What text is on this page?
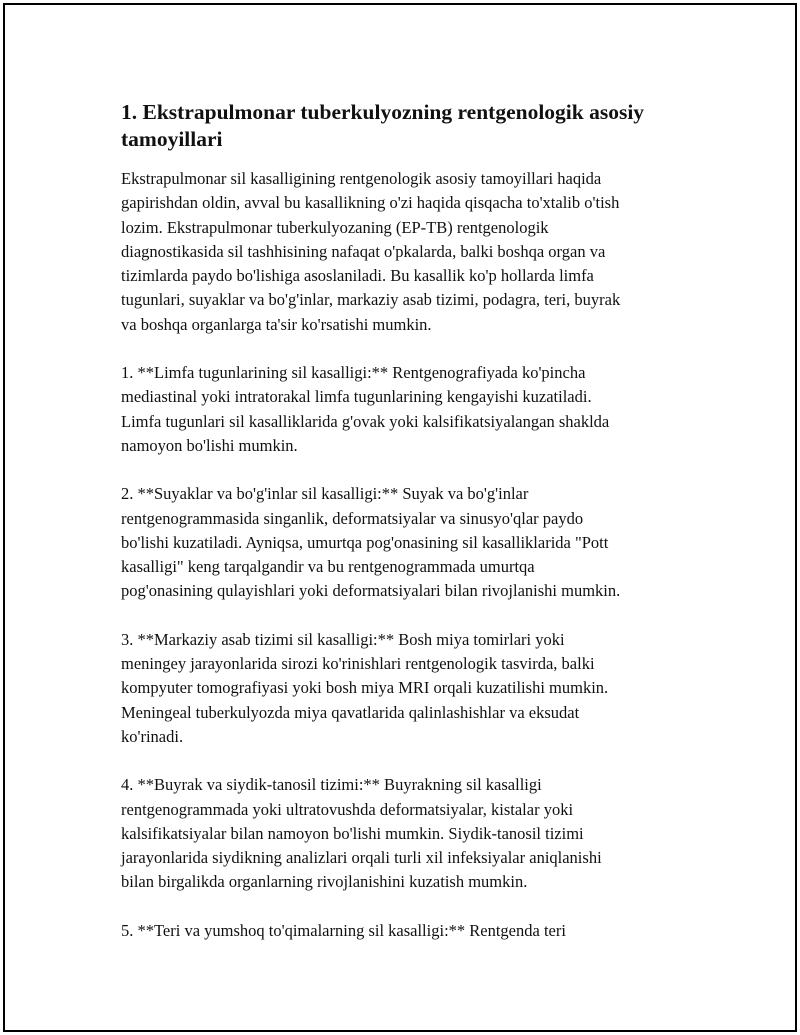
1. Ekstrapulmonar tuberkulyozning rentgenologik asosiy tamoyillari

Ekstrapulmonar sil kasalligining rentgenologik asosiy tamoyillari haqida
gapirishdan oldin, avval bu kasallikning o'zi haqida qisqacha to'xtalib o'tish
lozim. Ekstrapulmonar tuberkulyozaning (EP-TB) rentgenologik
diagnostikasida sil tashhisining nafaqat o'pkalarda, balki boshqa organ va
tizimlarda paydo bo'lishiga asoslaniladi. Bu kasallik ko'p hollarda limfa
tugunlari, suyaklar va bo'g'inlar, markaziy asab tizimi, podagra, teri, buyrak
va boshqa organlarga ta'sir ko'rsatishi mumkin.

1. **Limfa tugunlarining sil kasalligi:** Rentgenografiyada ko'pincha
mediastinal yoki intratorakal limfa tugunlarining kengayishi kuzatiladi.
Limfa tugunlari sil kasalliklarida g'ovak yoki kalsifikatsiyalangan shaklda
namoyon bo'lishi mumkin.

2. **Suyaklar va bo'g'inlar sil kasalligi:** Suyak va bo'g'inlar
rentgenogrammasida singanlik, deformatsiyalar va sinusyo'qlar paydo
bo'lishi kuzatiladi. Ayniqsa, umurtqa pog'onasining sil kasalliklarida "Pott
kasalligi" keng tarqalgandir va bu rentgenogrammada umurtqa
pog'onasining qulayishlari yoki deformatsiyalari bilan rivojlanishi mumkin.

3. **Markaziy asab tizimi sil kasalligi:** Bosh miya tomirlari yoki
meningey jarayonlarida sirozi ko'rinishlari rentgenologik tasvirda, balki
kompyuter tomografiyasi yoki bosh miya MRI orqali kuzatilishi mumkin.
Meningeal tuberkulyozda miya qavatlarida qalinlashishlar va eksudat
ko'rinadi.

4. **Buyrak va siydik-tanosil tizimi:** Buyrakning sil kasalligi
rentgenogrammada yoki ultratovushda deformatsiyalar, kistalar yoki
kalsifikatsiyalar bilan namoyon bo'lishi mumkin. Siydik-tanosil tizimi
jarayonlarida siydikning analizlari orqali turli xil infeksiyalar aniqlanishi
bilan birgalikda organlarning rivojlanishini kuzatish mumkin.

5. **Teri va yumshoq to'qimalarning sil kasalligi:** Rentgenda teri
